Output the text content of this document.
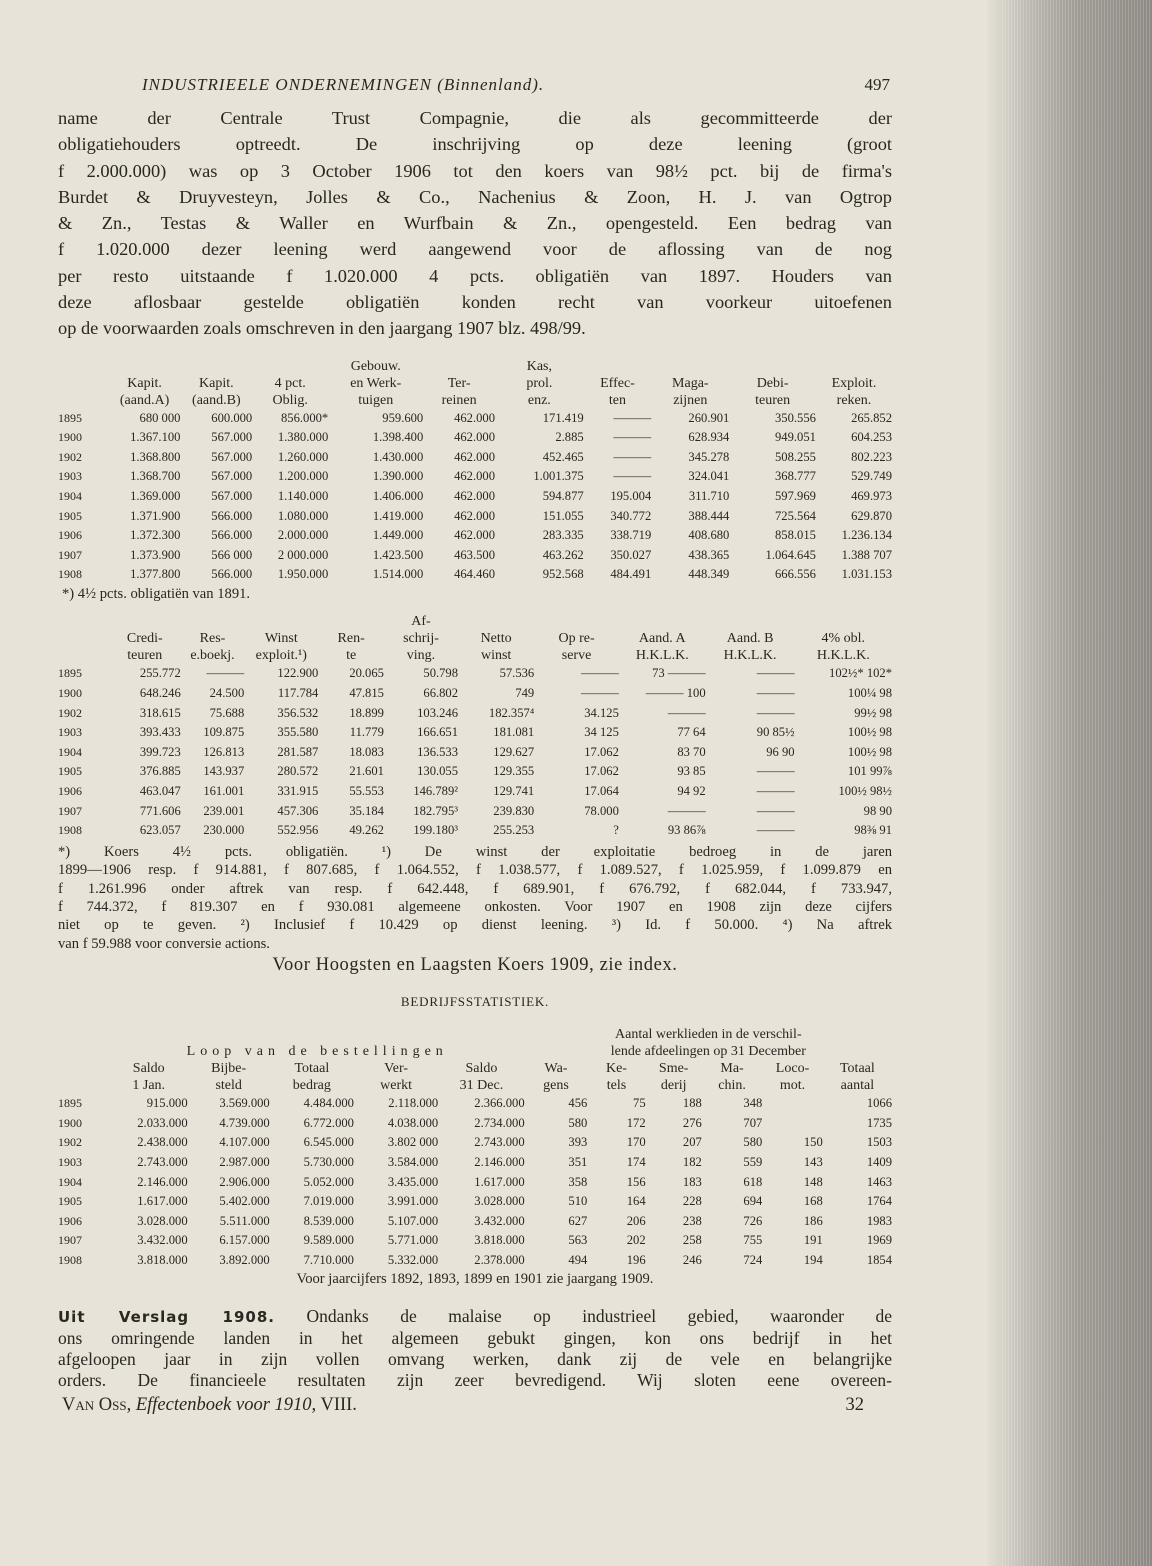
INDUSTRIEELE ONDERNEMINGEN (Binnenland).	497

name der Centrale Trust Compagnie, die als gecommitteerde der
obligatiehouders optreedt. De inschrijving op deze leening (groot
f 2.000.000) was op 3 October 1906 tot den koers van 98½ pct. bij de firma's
Burdet & Druyvesteyn, Jolles & Co., Nachenius & Zoon, H. J. van Ogtrop
& Zn., Testas & Waller en Wurfbain & Zn., opengesteld. Een bedrag van
f 1.020.000 dezer leening werd aangewend voor de aflossing van de nog
per resto uitstaande f 1.020.000 4 pcts. obligatiën van 1897. Houders van
deze aflosbaar gestelde obligatiën konden recht van voorkeur uitoefenen
op de voorwaarden zoals omschreven in den jaargang 1907 blz. 498/99.

				Gebouw.		Kas,				
	Kapit.	Kapit.	4 pct.	en Werk-	Ter-	prol.	Effec-	Maga-	Debi-	Exploit.
	(aand.A)	(aand.B)	Oblig.	tuigen	reinen	enz.	ten	zijnen	teuren	reken.
1895	680 000	600.000	856.000*	959.600	462.000	171.419	———	260.901	350.556	265.852
1900	1.367.100	567.000	1.380.000	1.398.400	462.000	2.885	———	628.934	949.051	604.253
1902	1.368.800	567.000	1.260.000	1.430.000	462.000	452.465	———	345.278	508.255	802.223
1903	1.368.700	567.000	1.200.000	1.390.000	462.000	1.001.375	———	324.041	368.777	529.749
1904	1.369.000	567.000	1.140.000	1.406.000	462.000	594.877	195.004	311.710	597.969	469.973
1905	1.371.900	566.000	1.080.000	1.419.000	462.000	151.055	340.772	388.444	725.564	629.870
1906	1.372.300	566.000	2.000.000	1.449.000	462.000	283.335	338.719	408.680	858.015	1.236.134
1907	1.373.900	566 000	2 000.000	1.423.500	463.500	463.262	350.027	438.365	1.064.645	1.388 707
1908	1.377.800	566.000	1.950.000	1.514.000	464.460	952.568	484.491	448.349	666.556	1.031.153
*) 4½ pcts. obligatiën van 1891.
					Af-					
	Credi-	Res-	Winst	Ren-	schrij-	Netto	Op re-	Aand. A	Aand. B	4% obl.
	teuren	e.boekj.	exploit.¹)	te	ving.	winst	serve	H.K.L.K.	H.K.L.K.	H.K.L.K.
1895	255.772	———	122.900	20.065	50.798	57.536	———	73 ———	———	102½* 102*
1900	648.246	24.500	117.784	47.815	66.802	749	———	——— 100	———	100¼ 98
1902	318.615	75.688	356.532	18.899	103.246	182.357⁴	34.125	———	———	99½ 98
1903	393.433	109.875	355.580	11.779	166.651	181.081	34 125	77 64	90 85½	100½ 98
1904	399.723	126.813	281.587	18.083	136.533	129.627	17.062	83 70	96 90	100½ 98
1905	376.885	143.937	280.572	21.601	130.055	129.355	17.062	93 85	———	101 99⅞
1906	463.047	161.001	331.915	55.553	146.789²	129.741	17.064	94 92	———	100½ 98½
1907	771.606	239.001	457.306	35.184	182.795³	239.830	78.000	———	———	98 90
1908	623.057	230.000	552.956	49.262	199.180³	255.253	?	93 86⅞	———	98⅜ 91
*) Koers 4½ pcts. obligatiën. ¹) De winst der exploitatie bedroeg in de jaren
1899—1906 resp. f 914.881, f 807.685, f 1.064.552, f 1.038.577, f 1.089.527, f 1.025.959, f 1.099.879 en
f 1.261.996 onder aftrek van resp. f 642.448, f 689.901, f 676.792, f 682.044, f 733.947,
f 744.372, f 819.307 en f 930.081 algemeene onkosten. Voor 1907 en 1908 zijn deze cijfers
niet op te geven. ²) Inclusief f 10.429 op dienst leening. ³) Id. f 50.000. ⁴) Na aftrek
van f 59.988 voor conversie actions.

Voor Hoogsten en Laagsten Koers 1909, zie index.

BEDRIJFSSTATISTIEK.

						Aantal werklieden in de verschil-					
	Loop van de bestellingen					lende afdeelingen op 31 December					
	Saldo	Bijbe-	Totaal	Ver-	Saldo	Wa-	Ke-	Sme-	Ma-	Loco-	Totaal
	1 Jan.	steld	bedrag	werkt	31 Dec.	gens	tels	derij	chin.	mot.	aantal
1895	915.000	3.569.000	4.484.000	2.118.000	2.366.000	456	75	188	348		1066
1900	2.033.000	4.739.000	6.772.000	4.038.000	2.734.000	580	172	276	707		1735
1902	2.438.000	4.107.000	6.545.000	3.802 000	2.743.000	393	170	207	580	150	1503
1903	2.743.000	2.987.000	5.730.000	3.584.000	2.146.000	351	174	182	559	143	1409
1904	2.146.000	2.906.000	5.052.000	3.435.000	1.617.000	358	156	183	618	148	1463
1905	1.617.000	5.402.000	7.019.000	3.991.000	3.028.000	510	164	228	694	168	1764
1906	3.028.000	5.511.000	8.539.000	5.107.000	3.432.000	627	206	238	726	186	1983
1907	3.432.000	6.157.000	9.589.000	5.771.000	3.818.000	563	202	258	755	191	1969
1908	3.818.000	3.892.000	7.710.000	5.332.000	2.378.000	494	196	246	724	194	1854

Voor jaarcijfers 1892, 1893, 1899 en 1901 zie jaargang 1909.

Uit Verslag 1908. Ondanks de malaise op industrieel gebied, waaronder de
ons omringende landen in het algemeen gebukt gingen, kon ons bedrijf in het
afgeloopen jaar in zijn vollen omvang werken, dank zij de vele en belangrijke
orders. De financieele resultaten zijn zeer bevredigend. Wij sloten eene overeen-

Van Oss, Effectenboek voor 1910, VIII.	32
